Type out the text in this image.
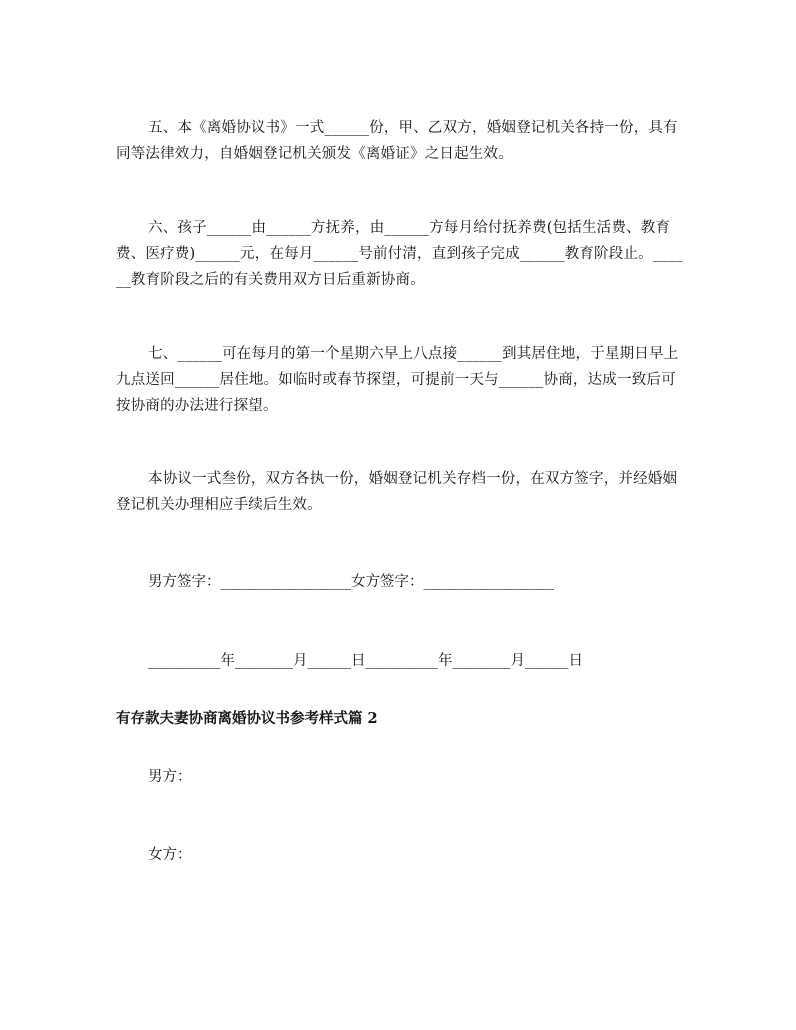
五、本《离婚协议书》一式______份，甲、乙双方，婚姻登记机关各持一份，具有同等法律效力，自婚姻登记机关颁发《离婚证》之日起生效。

六、孩子______由______方抚养，由______方每月给付抚养费(包括生活费、教育费、医疗费)______元，在每月______号前付清，直到孩子完成______教育阶段止。______教育阶段之后的有关费用双方日后重新协商。

七、______可在每月的第一个星期六早上八点接______到其居住地，于星期日早上九点送回______居住地。如临时或春节探望，可提前一天与______协商，达成一致后可按协商的办法进行探望。

本协议一式叁份，双方各执一份，婚姻登记机关存档一份，在双方签字，并经婚姻登记机关办理相应手续后生效。

男方签字：__________________女方签字：__________________

__________年________月______日__________年________月______日

有存款夫妻协商离婚协议书参考样式篇 2

男方：

女方：
